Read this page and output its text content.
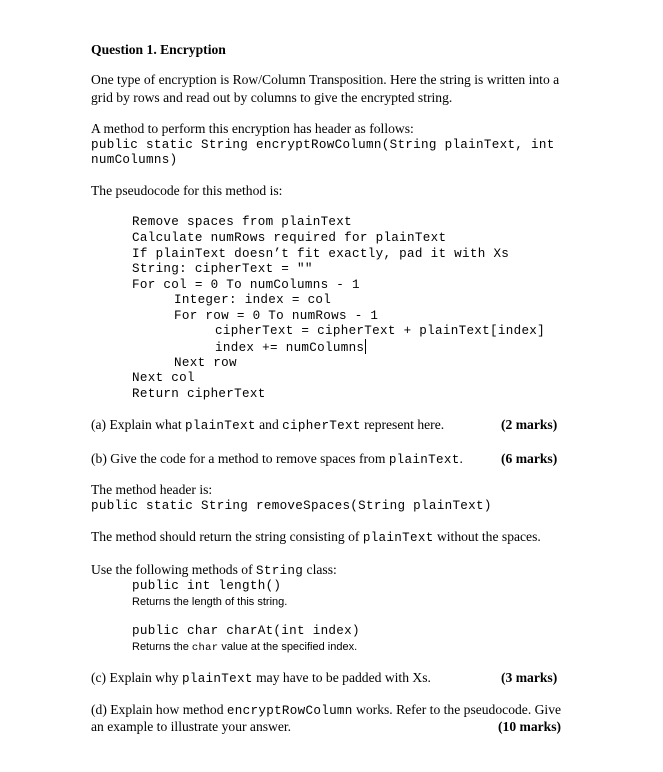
Question 1. Encryption
One type of encryption is Row/Column Transposition. Here the string is written into a
grid by rows and read out by columns to give the encrypted string.
A method to perform this encryption has header as follows:
public static String encryptRowColumn(String plainText, int
numColumns)
The pseudocode for this method is:
Remove spaces from plainText
Calculate numRows required for plainText
If plainText doesn’t fit exactly, pad it with Xs
String: cipherText = ""
For col = 0 To numColumns - 1
Integer: index = col
For row = 0 To numRows - 1
cipherText = cipherText + plainText[index]
index += numColumns
Next row
Next col
Return cipherText
(a) Explain what plainText and cipherText represent here.	(2 marks)
(b) Give the code for a method to remove spaces from plainText.	(6 marks)
The method header is:
public static String removeSpaces(String plainText)
The method should return the string consisting of plainText without the spaces.
Use the following methods of String class:
public int length()
Returns the length of this string.
public char charAt(int index)
Returns the char value at the specified index.
(c) Explain why plainText may have to be padded with Xs.	(3 marks)
(d) Explain how method encryptRowColumn works. Refer to the pseudocode. Give
an example to illustrate your answer.	(10 marks)
